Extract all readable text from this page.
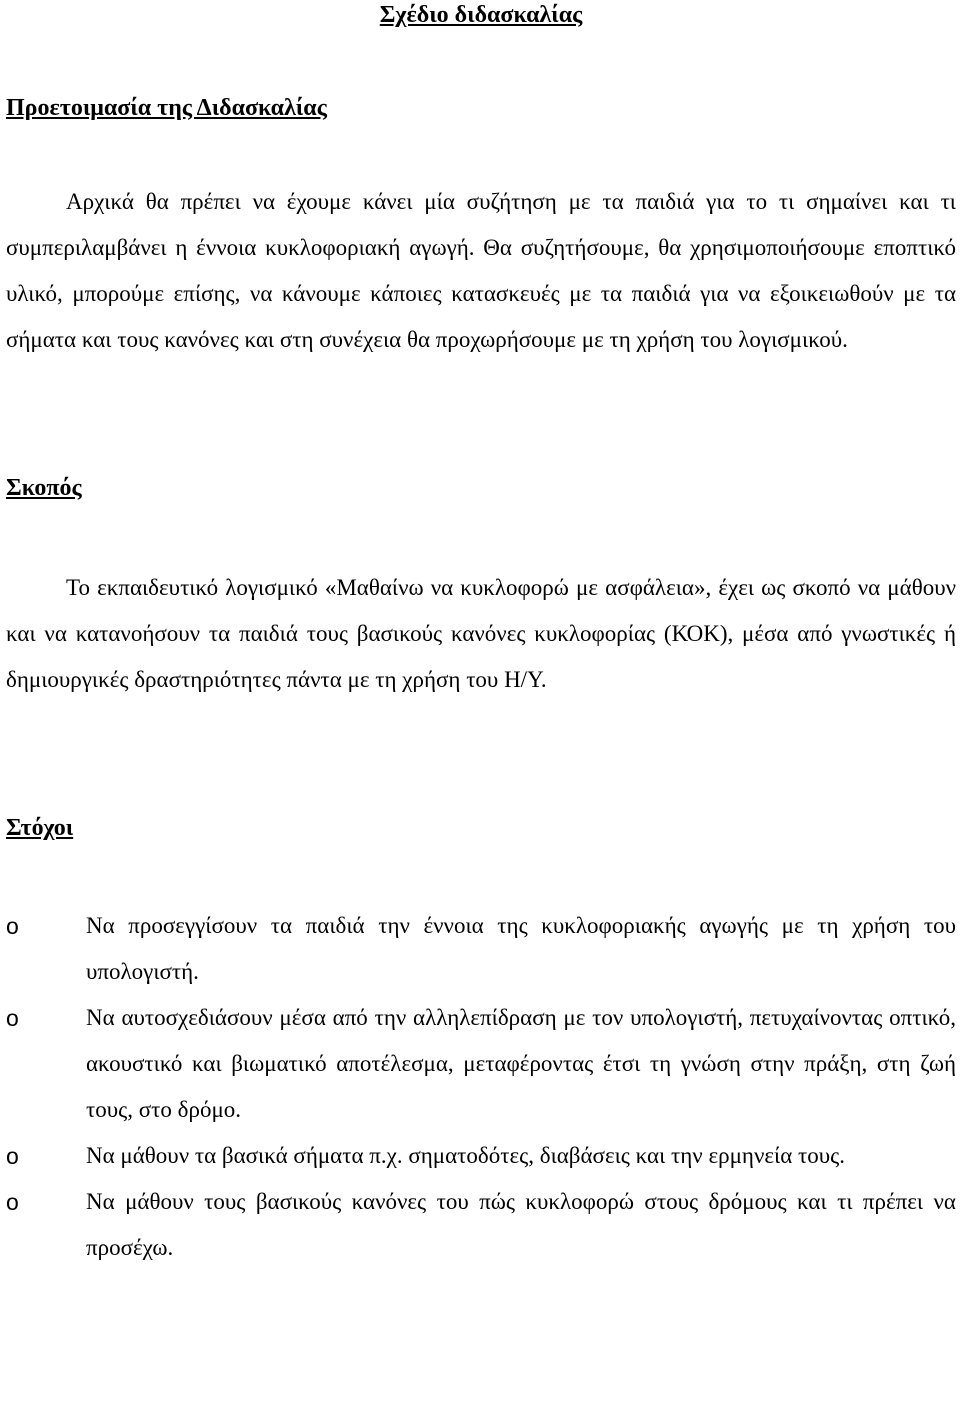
Σχέδιο διδασκαλίας
Προετοιμασία της Διδασκαλίας

Αρχικά θα πρέπει να έχουμε κάνει μία συζήτηση με τα παιδιά για το τι σημαίνει και τι συμπεριλαμβάνει η έννοια κυκλοφοριακή αγωγή. Θα συζητήσουμε, θα χρησιμοποιήσουμε εποπτικό υλικό, μπορούμε επίσης, να κάνουμε κάποιες κατασκευές με τα παιδιά για να εξοικειωθούν με τα σήματα και τους κανόνες και στη συνέχεια θα προχωρήσουμε με τη χρήση του λογισμικού.

Σκοπός

Το εκπαιδευτικό λογισμικό «Μαθαίνω να κυκλοφορώ με ασφάλεια», έχει ως σκοπό να μάθουν και να κατανοήσουν τα παιδιά τους βασικούς κανόνες κυκλοφορίας (ΚΟΚ), μέσα από γνωστικές ή δημιουργικές δραστηριότητες πάντα με τη χρήση του Η/Υ.

Στόχοι
o	Να προσεγγίσουν τα παιδιά την έννοια της κυκλοφοριακής αγωγής με τη χρήση του υπολογιστή.
o	Να αυτοσχεδιάσουν μέσα από την αλληλεπίδραση με τον υπολογιστή, πετυχαίνοντας οπτικό, ακουστικό και βιωματικό αποτέλεσμα, μεταφέροντας έτσι τη γνώση στην πράξη, στη ζωή τους, στο δρόμο.
o	Να μάθουν τα βασικά σήματα π.χ. σηματοδότες, διαβάσεις και την ερμηνεία τους.
o	Να μάθουν τους βασικούς κανόνες του πώς κυκλοφορώ στους δρόμους και τι πρέπει να προσέχω.
